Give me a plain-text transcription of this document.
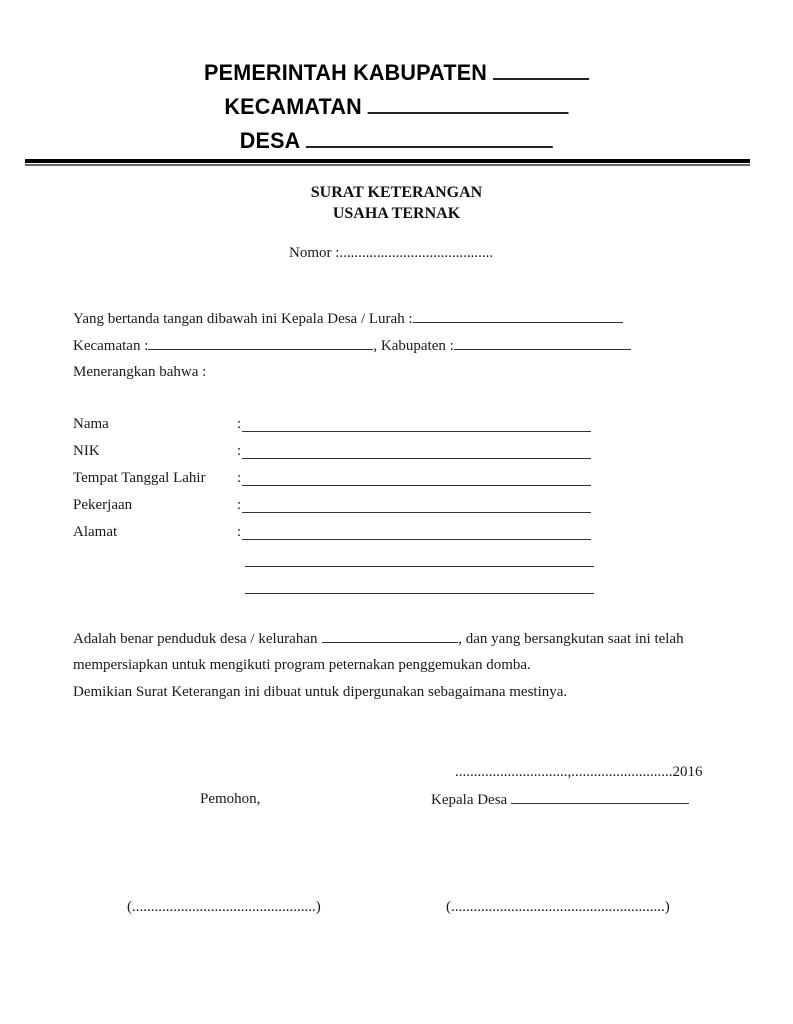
PEMERINTAH KABUPATEN
KECAMATAN
DESA
SURAT KETERANGAN
USAHA TERNAK
Nomor :.........................................
Yang bertanda tangan dibawah ini Kepala Desa / Lurah :
Kecamatan :	, Kabupaten :
Menerangkan bahwa :
Nama	:
NIK	:
Tempat Tanggal Lahir :
Pekerjaan	:
Alamat	:
Adalah benar penduduk desa / kelurahan	, dan yang bersangkutan saat ini telah
mempersiapkan untuk mengikuti program peternakan penggemukan domba.
Demikian Surat Keterangan ini dibuat untuk dipergunakan sebagaimana mestinya.
..............................,...........................2016
Pemohon,	Kepala Desa
(.................................................)	(.........................................................)
